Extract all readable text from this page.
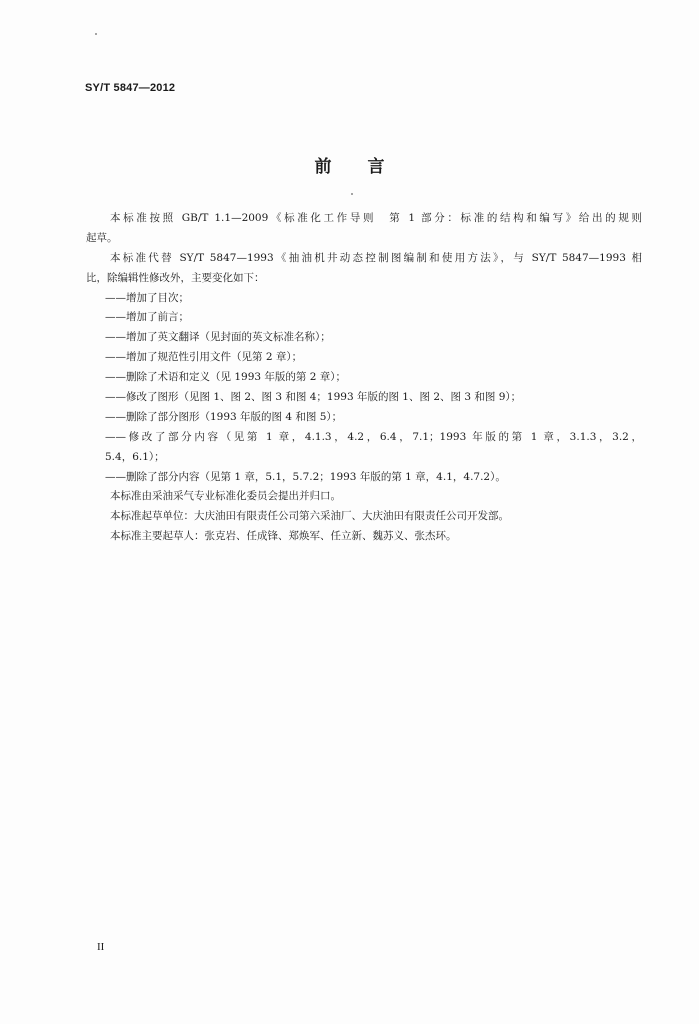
SY/T 5847—2012
前言
本标准按照 GB/T 1.1—2009《标准化工作导则　第 1 部分：标准的结构和编写》给出的规则
起草。
本标准代替 SY/T 5847—1993《抽油机井动态控制图编制和使用方法》，与 SY/T 5847—1993 相
比，除编辑性修改外，主要变化如下：
——增加了目次；
——增加了前言；
——增加了英文翻译（见封面的英文标准名称）；
——增加了规范性引用文件（见第 2 章）；
——删除了术语和定义（见 1993 年版的第 2 章）；
——修改了图形（见图 1、图 2、图 3 和图 4；1993 年版的图 1、图 2、图 3 和图 9）；
——删除了部分图形（1993 年版的图 4 和图 5）；
——修改了部分内容（见第 1 章，4.1.3，4.2，6.4，7.1；1993 年版的第 1 章，3.1.3，3.2，
5.4，6.1）；
——删除了部分内容（见第 1 章，5.1，5.7.2；1993 年版的第 1 章，4.1，4.7.2）。
本标准由采油采气专业标准化委员会提出并归口。
本标准起草单位：大庆油田有限责任公司第六采油厂、大庆油田有限责任公司开发部。
本标准主要起草人：张克岩、任成锋、郑焕军、任立新、魏苏义、张杰环。
II
